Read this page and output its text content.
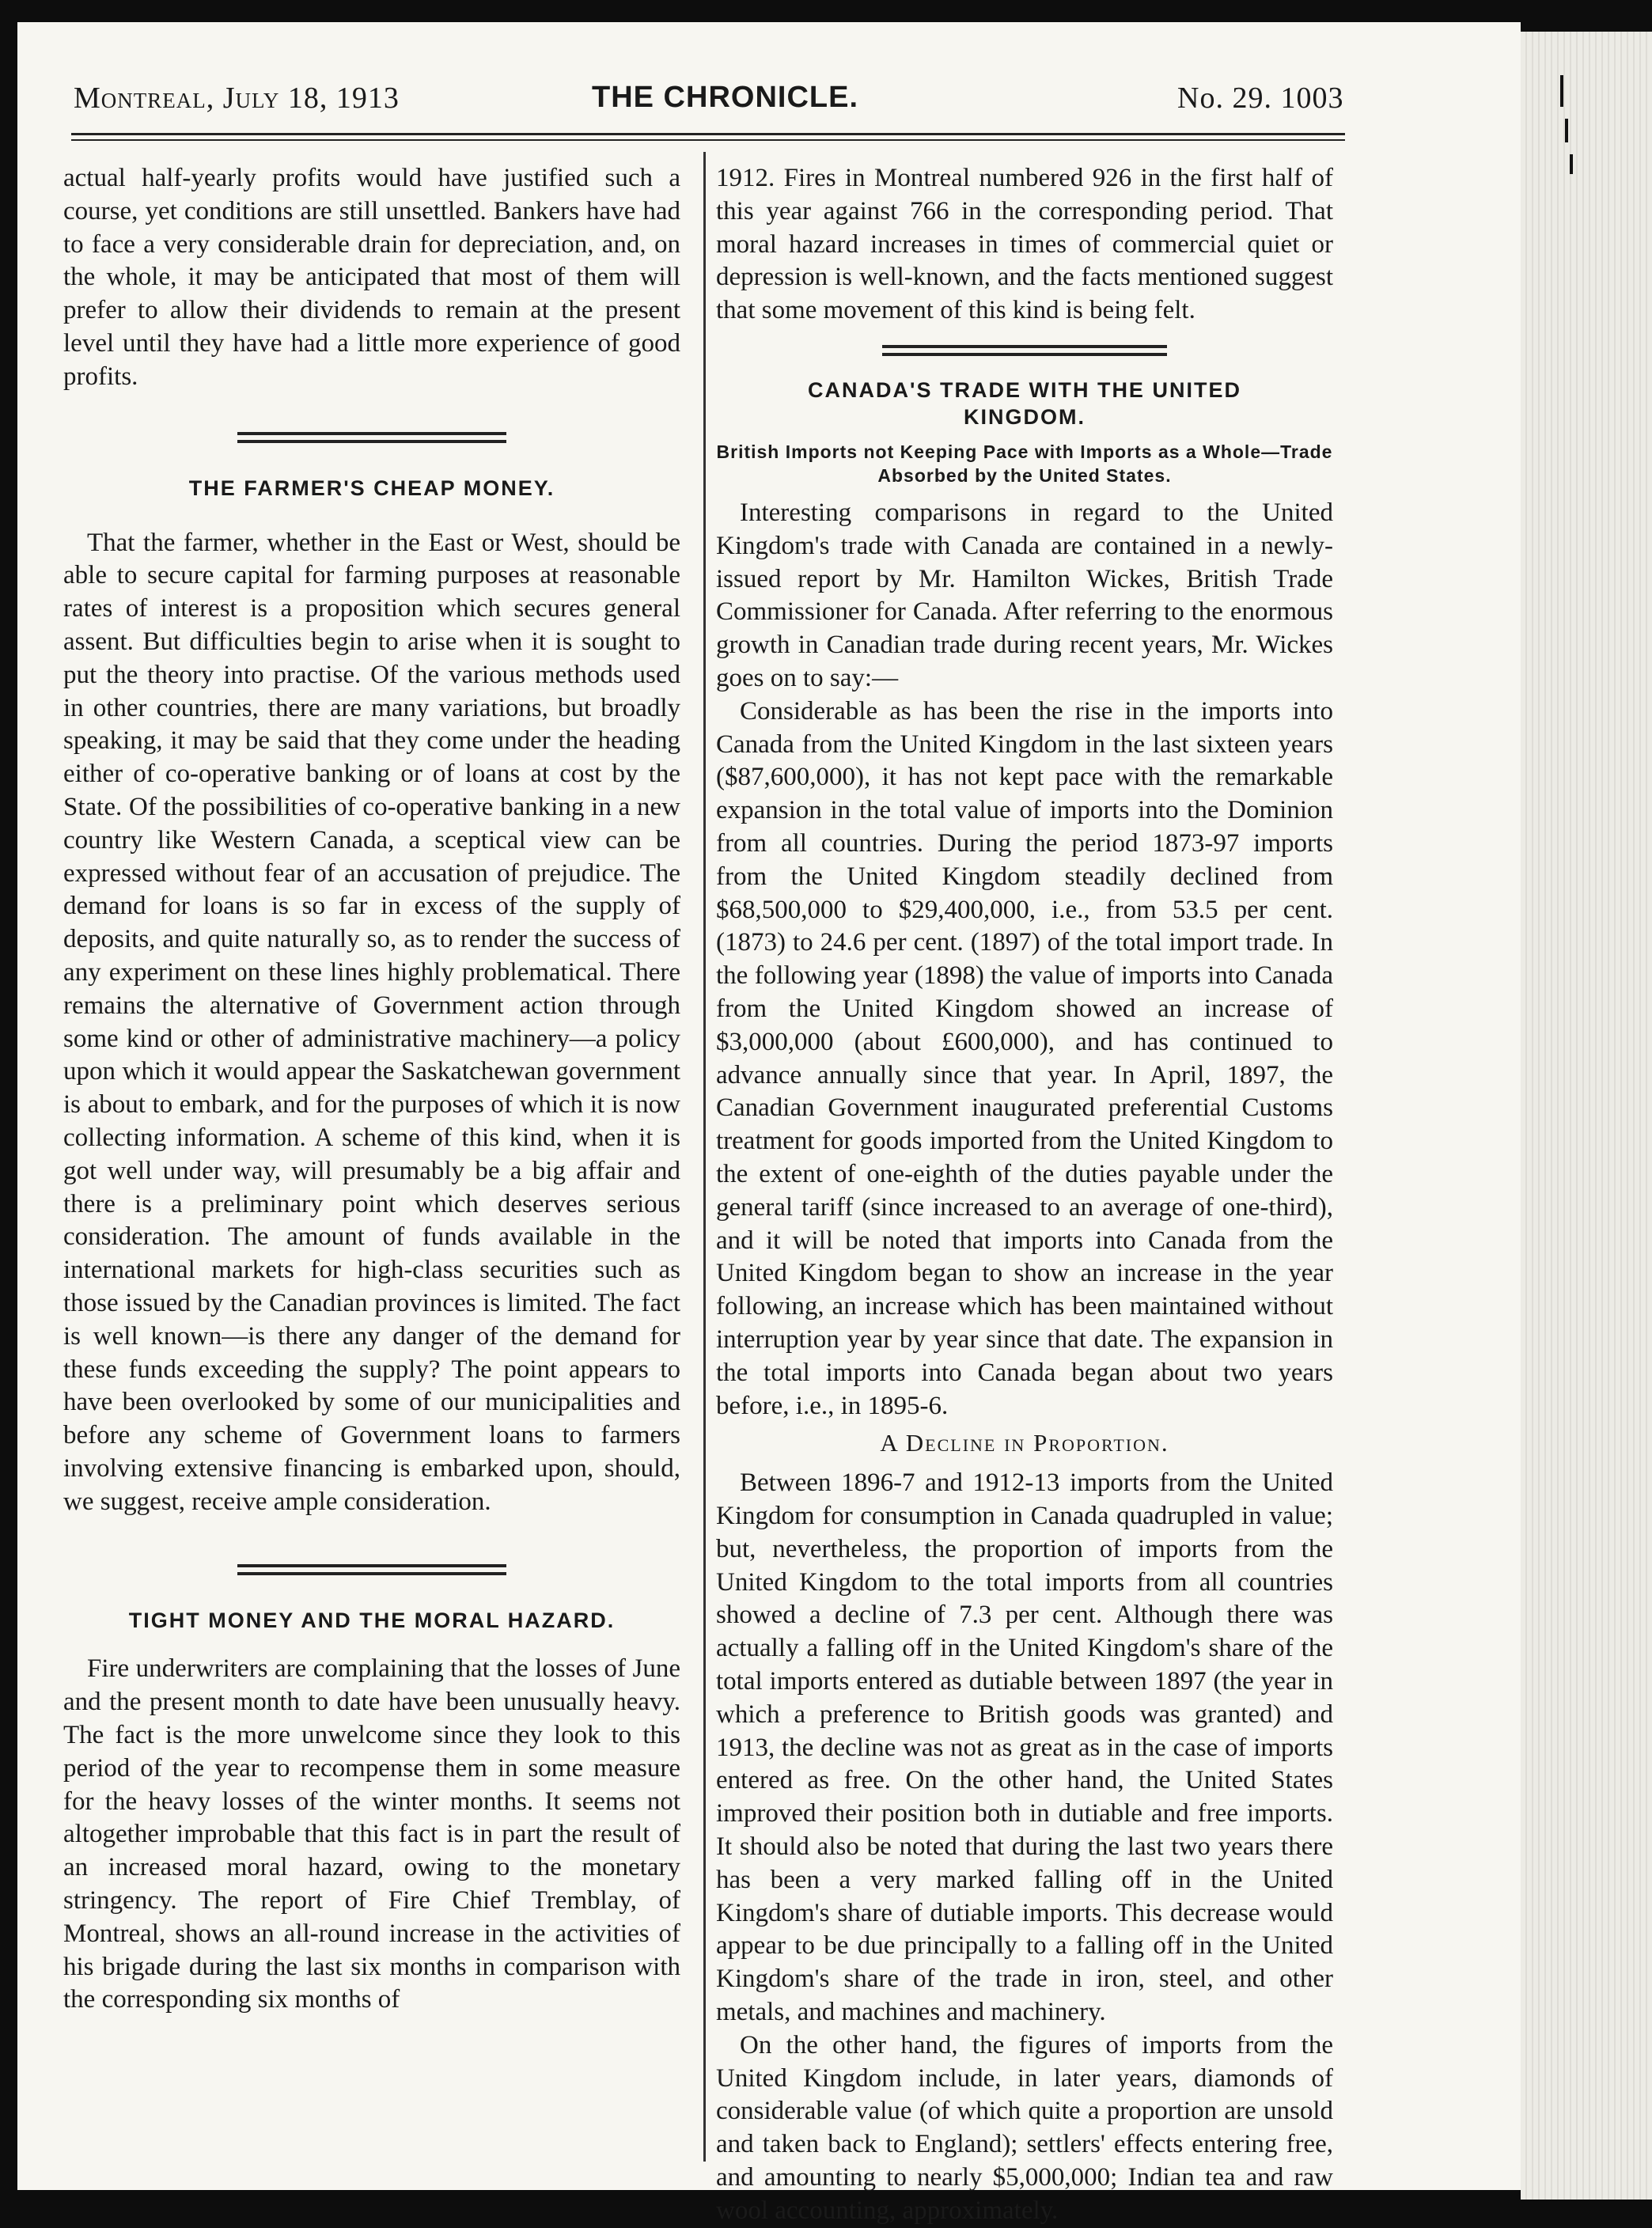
Montreal, July 18, 1913	THE CHRONICLE.	No. 29. 1003

actual half-yearly profits would have justified such a course, yet conditions are still unsettled. Bankers have had to face a very considerable drain for depreciation, and, on the whole, it may be anticipated that most of them will prefer to allow their dividends to remain at the present level until they have had a little more experience of good profits.

THE FARMER'S CHEAP MONEY.

That the farmer, whether in the East or West, should be able to secure capital for farming purposes at reasonable rates of interest is a proposition which secures general assent. But difficulties begin to arise when it is sought to put the theory into practise. Of the various methods used in other countries, there are many variations, but broadly speaking, it may be said that they come under the heading either of co-operative banking or of loans at cost by the State. Of the possibilities of co-operative banking in a new country like Western Canada, a sceptical view can be expressed without fear of an accusation of prejudice. The demand for loans is so far in excess of the supply of deposits, and quite naturally so, as to render the success of any experiment on these lines highly problematical. There remains the alternative of Government action through some kind or other of administrative machinery—a policy upon which it would appear the Saskatchewan government is about to embark, and for the purposes of which it is now collecting information. A scheme of this kind, when it is got well under way, will presumably be a big affair and there is a preliminary point which deserves serious consideration. The amount of funds available in the international markets for high-class securities such as those issued by the Canadian provinces is limited. The fact is well known—is there any danger of the demand for these funds exceeding the supply? The point appears to have been overlooked by some of our municipalities and before any scheme of Government loans to farmers involving extensive financing is embarked upon, should, we suggest, receive ample consideration.

TIGHT MONEY AND THE MORAL HAZARD.

Fire underwriters are complaining that the losses of June and the present month to date have been unusually heavy. The fact is the more unwelcome since they look to this period of the year to recompense them in some measure for the heavy losses of the winter months. It seems not altogether improbable that this fact is in part the result of an increased moral hazard, owing to the monetary stringency. The report of Fire Chief Tremblay, of Montreal, shows an all-round increase in the activities of his brigade during the last six months in comparison with the corresponding six months of

1912. Fires in Montreal numbered 926 in the first half of this year against 766 in the corresponding period. That moral hazard increases in times of commercial quiet or depression is well-known, and the facts mentioned suggest that some movement of this kind is being felt.

CANADA'S TRADE WITH THE UNITED KINGDOM.
British Imports not Keeping Pace with Imports as a Whole—Trade Absorbed by the United States.

Interesting comparisons in regard to the United Kingdom's trade with Canada are contained in a newly-issued report by Mr. Hamilton Wickes, British Trade Commissioner for Canada. After referring to the enormous growth in Canadian trade during recent years, Mr. Wickes goes on to say:—

Considerable as has been the rise in the imports into Canada from the United Kingdom in the last sixteen years ($87,600,000), it has not kept pace with the remarkable expansion in the total value of imports into the Dominion from all countries. During the period 1873-97 imports from the United Kingdom steadily declined from $68,500,000 to $29,400,000, i.e., from 53.5 per cent. (1873) to 24.6 per cent. (1897) of the total import trade. In the following year (1898) the value of imports into Canada from the United Kingdom showed an increase of $3,000,000 (about £600,000), and has continued to advance annually since that year. In April, 1897, the Canadian Government inaugurated preferential Customs treatment for goods imported from the United Kingdom to the extent of one-eighth of the duties payable under the general tariff (since increased to an average of one-third), and it will be noted that imports into Canada from the United Kingdom began to show an increase in the year following, an increase which has been maintained without interruption year by year since that date. The expansion in the total imports into Canada began about two years before, i.e., in 1895-6.

A Decline in Proportion.

Between 1896-7 and 1912-13 imports from the United Kingdom for consumption in Canada quadrupled in value; but, nevertheless, the proportion of imports from the United Kingdom to the total imports from all countries showed a decline of 7.3 per cent. Although there was actually a falling off in the United Kingdom's share of the total imports entered as dutiable between 1897 (the year in which a preference to British goods was granted) and 1913, the decline was not as great as in the case of imports entered as free. On the other hand, the United States improved their position both in dutiable and free imports. It should also be noted that during the last two years there has been a very marked falling off in the United Kingdom's share of dutiable imports. This decrease would appear to be due principally to a falling off in the United Kingdom's share of the trade in iron, steel, and other metals, and machines and machinery.

On the other hand, the figures of imports from the United Kingdom include, in later years, diamonds of considerable value (of which quite a proportion are unsold and taken back to England); settlers' effects entering free, and amounting to nearly $5,000,000; Indian tea and raw wool accounting, approximately.
